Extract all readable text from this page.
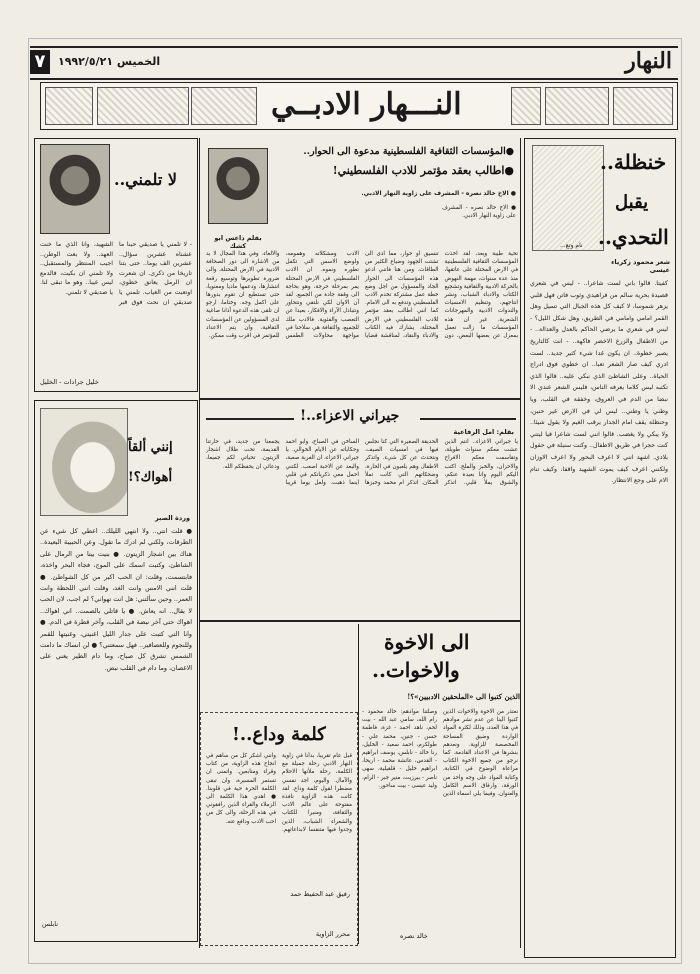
٧	الخميس ١٩٩٢/٥/٢١	النهار
النـــهار الادبــي
نام وتع...
خنظلة..
يقبل
التحدي..
شعر محمود زكرياء عيسى
كفيتا. قالوا باني لست شاعرا.. - ليس في شعري قصيدة بحرية سالم من فراهيدي وثوب فاتن فهل قلبي يزهر شموسا، لا كيف كل هذه الجبال التي تسيل وهل القمر امامي وامامي في الطريق، وهل شكل الليل؟ - ليس في شعري ما يرضي الحاكم بالعدل والعدالة.. - من الاطفال والزرع الاخضر فاكهة.. - انت كالتاريخ يصير خطوة.. ان يكون غدا شيء كثير جديد.. لست ادري كيف صار الشعر تعبا.. ان خطوي فوق ادراج الحياة.. وعلى الشاطئ الذي نبكي عليه.. قالوا الذي تكتبه ليس كلاما يعرفه الناس، فليس الشعر عندي الا نبضا من الدم في العروق، وخفقة في القلب، ويا وطني يا وطني.. ليس لي في الارض غير حنين، وحنظلة يقف امام الجدار يرقب الغيم ولا يقول شيئا.. ولا يبكي ولا يغضب. قالوا انني لست شاعرا فيا ليتني كنت حجرا في طريق الاطفال.. وكنت سنبلة في حقول بلادي. اشهد انني لا اعرف البحور ولا اعرف الاوزان ولكنني اعرف كيف يموت الشهيد واقفا، وكيف تنام الام على وجع الانتظار.
●المؤسسات الثقافية الفلسطينية مدعوة الى الحوار..
●اطالب بعقد مؤتمر للادب الفلسطيني!
بقلم داعس ابو كشك
● الاخ خالد نصره - المشرف على زاوية النهار الادبي.
تحية طيبة وبعد، لقد اخذت المؤسسات الثقافية الفلسطينية في الارض المحتلة على عاتقها، منذ عدة سنوات، مهمة النهوض بالحركة الادبية والثقافية وتشجيع الكتاب والادباء الشباب، ونشر انتاجهم، وتنظيم الامسيات والندوات الادبية والمهرجانات الشعرية. غير ان هذه المؤسسات ما زالت تعمل بمعزل عن بعضها البعض، دون تنسيق او حوار، مما ادى الى تشتت الجهود وضياع الكثير من الطاقات. ومن هنا فانني ادعو هذه المؤسسات الى الحوار الجاد والمسؤول من اجل وضع خطة عمل مشتركة تخدم الادب الفلسطيني وتدفع به الى الامام. كما انني اطالب بعقد مؤتمر للادب الفلسطيني في الارض المحتلة، يشارك فيه الكتاب والادباء والنقاد، لمناقشة قضايا الادب ومشكلاته وهمومه، ولوضع الاسس التي تكفل تطوره ونموه. ان الادب الفلسطيني في الارض المحتلة يمر بمرحلة حرجة، وهو بحاجة الى وقفة جادة من الجميع. لقد آن الاوان لكي نلتقي ونتحاور ونتبادل الآراء والافكار، بعيدا عن التعصب والفئوية. فالادب ملك للجميع، والثقافة هي سلاحنا في مواجهة محاولات الطمس والالغاء. وفي هذا المجال لا بد من الاشارة الى دور الصحافة الادبية في الارض المحتلة، والى ضرورة تطويرها وتوسيع رقعة انتشارها، ودعمها ماديا ومعنويا، حتى تستطيع ان تقوم بدورها على اكمل وجه. وختاما، ارجو ان تلقى هذه الدعوة آذانا صاغية لدى المسؤولين عن المؤسسات الثقافية، وان يتم الاعداد للمؤتمر في اقرب وقت ممكن.
● الاخ خالد نصره - المشرف على زاوية النهار الادبي.
لا تلمني..
- لا تلمني يا صديقي حبنا ما عشناه عشرين سؤال.. عشرين الف يوما.. حتى بتنا تاريخا من ذكرى. ان شعرت ان الرمل يعانق خطوي، اوتعبت من الغياب. تلمني يا صديقي ان نحت فوق قبر الشهيد، وانا الذي ما خنت العهد.. ولا بعت الوطن.. اجيب المنتظر والمستقبل.. ولا تلمني ان بكيت، فالدمع ليس عيبا.. وهو ما تبقى لنا. يا صديقي لا تلمني.
خليل جرادات - الخليل
إنني ألقاً
أهواك؟!
وردة الصبر
● قلت انتي.. ولا انتهي الليلك.. اعطي كل شيء عن الطرقات، ولكني لم ادرك ما تقول. وعن الحبيبة البعيدة.. هناك بين اشجار الزيتون. ● بنيت بيتا من الرمال على الشاطئ، وكتبت اسمك على الموج، فجاء البحر واخذه، فابتسمت، وقلت: ان الحب اكبر من كل الشواطئ. ● قلت انني الامس وانت الغد، وقلت انني اللحظة وانت العمر.. وحين سألتني: هل انت تهواني؟ لم اجب، لان الحب لا يقال.. انه يعاش. ● يا قاتلي بالصمت.. اني اهواك.. اهواك حتى آخر نبضة في القلب، وآخر قطرة في الدم. ● وانا التي كتبت على جدار الليل اغنيتي، وغنيتها للقمر وللنجوم وللعصافير.. فهل سمعتني؟ ● لن انساك ما دامت الشمس تشرق كل صباح، وما دام الطير يغني على الاغصان، وما دام في القلب نبض.
نابلس
جيراني الاعزاء..!
بقلم: امل الرفاعية
يا جيراني الاعزاء.. انتم الذين عشت معكم سنوات طويلة، وتقاسمت معكم الافراح والاحزان، والخبز والملح. اكتب اليكم اليوم وانا بعيدة عنكم، والشوق يملأ قلبي. اتذكر الحديقة الصغيرة التي كنا نجلس فيها في امسيات الصيف، ونتحدث عن كل شيء. واتذكر الاطفال وهم يلعبون في الحارة، وضحكاتهم التي كانت تملأ المكان. اتذكر ام محمد وخبزها الساخن في الصباح، وابو احمد وحكاياته عن الايام الخوالي. يا جيراني الاعزاء، ان الغربة صعبة، والبعد عن الاحبة اصعب. لكنني احمل معي ذكرياتكم في قلبي اينما ذهبت. ولعل يوما قريبا يجمعنا من جديد، في حارتنا القديمة، تحت ظلال اشجار الزيتون. تحياتي لكم جميعا، ودعائي ان يحفظكم الله.
كلمة وداع..!
قبل عام تقريبا، بدأنا في زاوية النهار الادبي رحلة جميلة مع الكلمة، رحلة ملأتها الاحلام والآمال. واليوم، اجد نفسي مضطرا لقول كلمة وداع. لقد كانت هذه الزاوية نافذة مفتوحة على عالم الادب والثقافة، ومنبرا للكتاب والشعراء الشباب، الذين وجدوا فيها متنفسا لابداعاتهم. وانني اشكر كل من ساهم في انجاح هذه الزاوية، من كتاب وقراء ومتابعين. واتمنى ان تستمر المسيرة، وان تبقى الكلمة الحرة حية في قلوبنا. ● اهدي هذا الكلمة الى الزملاء والقراء الذين رافقوني في هذه الرحلة، والى كل من احب الادب ودافع عنه.
رفيق عبد الحفيظ حمد
محرر الزاوية
الى الاخوة
والاخوات..
الذين كتبوا الى «الملحقين الادبيين»؟!
نعتذر من الاخوة والاخوات الذين كتبوا الينا عن عدم نشر موادهم في هذا العدد، وذلك لكثرة المواد الواردة وضيق المساحة المخصصة للزاوية. ونعدهم بنشرها في الاعداد القادمة. كما نرجو من جميع الاخوة الكتاب مراعاة الوضوح في الكتابة، وكتابة المواد على وجه واحد من الورقة، وارفاق الاسم الكامل والعنوان. وفيما يلي اسماء الذين وصلتنا موادهم: خالد محمود - رام الله، سامي عبد الله - بيت لحم، ناهد احمد - غزة، فاطمة حسن - جنين، محمد علي - طولكرم، احمد سعيد - الخليل، رنا خالد - نابلس، يوسف ابراهيم - القدس، عائشة محمد - اريحا، ابراهيم خليل - قلقيلية، سهى ناصر - بيرزيت، منير جبر - الرام، وليد عيسى - بيت ساحور.
خالد نصره
